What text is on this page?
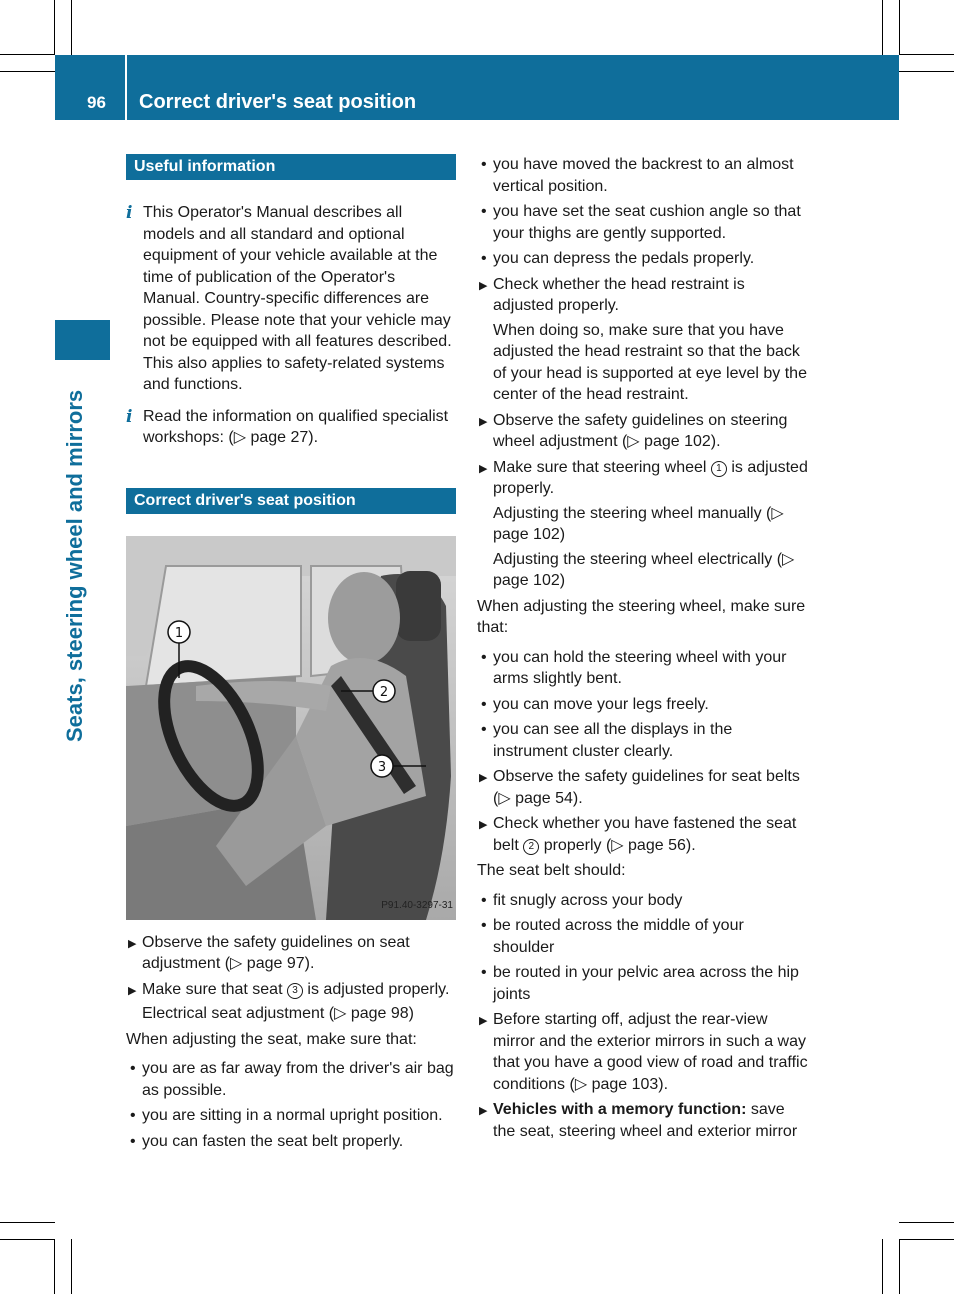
96 Correct driver's seat position
Seats, steering wheel and mirrors
Useful information
i This Operator's Manual describes all models and all standard and optional equipment of your vehicle available at the time of publication of the Operator's Manual. Country-specific differences are possible. Please note that your vehicle may not be equipped with all features described. This also applies to safety-related systems and functions.
i Read the information on qualified specialist workshops: (▷ page 27).
Correct driver's seat position
1
2
3
P91.40-3297-31
▶ Observe the safety guidelines on seat adjustment (▷ page 97).
▶ Make sure that seat 3 is adjusted properly.
Electrical seat adjustment (▷ page 98)
When adjusting the seat, make sure that:
• you are as far away from the driver's air bag as possible.
• you are sitting in a normal upright position.
• you can fasten the seat belt properly.
• you have moved the backrest to an almost vertical position.
• you have set the seat cushion angle so that your thighs are gently supported.
• you can depress the pedals properly.
▶ Check whether the head restraint is adjusted properly.
When doing so, make sure that you have adjusted the head restraint so that the back of your head is supported at eye level by the center of the head restraint.
▶ Observe the safety guidelines on steering wheel adjustment (▷ page 102).
▶ Make sure that steering wheel 1 is adjusted properly.
Adjusting the steering wheel manually (▷ page 102)
Adjusting the steering wheel electrically (▷ page 102)
When adjusting the steering wheel, make sure that:
• you can hold the steering wheel with your arms slightly bent.
• you can move your legs freely.
• you can see all the displays in the instrument cluster clearly.
▶ Observe the safety guidelines for seat belts (▷ page 54).
▶ Check whether you have fastened the seat belt 2 properly (▷ page 56).
The seat belt should:
• fit snugly across your body
• be routed across the middle of your shoulder
• be routed in your pelvic area across the hip joints
▶ Before starting off, adjust the rear-view mirror and the exterior mirrors in such a way that you have a good view of road and traffic conditions (▷ page 103).
▶ Vehicles with a memory function: save the seat, steering wheel and exterior mirror
